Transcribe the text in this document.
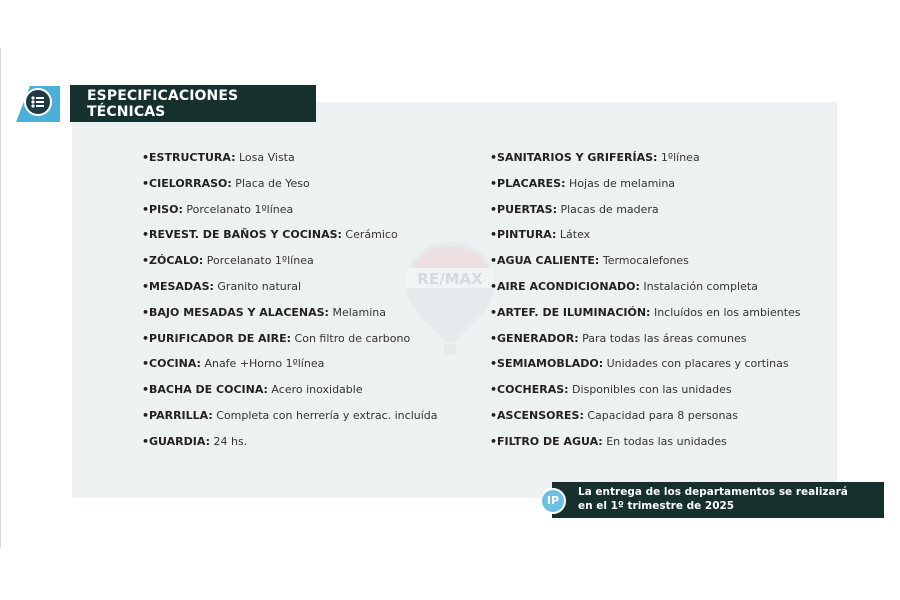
ESPECIFICACIONES TÉCNICAS
RE/MAX
•ESTRUCTURA: Losa Vista
•CIELORRASO: Placa de Yeso
•PISO: Porcelanato 1ºlínea
•REVEST. DE BAÑOS Y COCINAS: Cerámico
•ZÓCALO: Porcelanato 1ºlínea
•MESADAS: Granito natural
•BAJO MESADAS Y ALACENAS: Melamina
•PURIFICADOR DE AIRE: Con filtro de carbono
•COCINA: Anafe +Horno 1ºlínea
•BACHA DE COCINA: Acero inoxidable
•PARRILLA: Completa con herrería y extrac. incluída
•GUARDIA: 24 hs.
•SANITARIOS Y GRIFERÍAS: 1ºlínea
•PLACARES: Hojas de melamina
•PUERTAS: Placas de madera
•PINTURA: Látex
•AGUA CALIENTE: Termocalefones
•AIRE ACONDICIONADO: Instalación completa
•ARTEF. DE ILUMINACIÓN: Incluídos en los ambientes
•GENERADOR: Para todas las áreas comunes
•SEMIAMOBLADO: Unidades con placares y cortinas
•COCHERAS: Disponibles con las unidades
•ASCENSORES: Capacidad para 8 personas
•FILTRO DE AGUA: En todas las unidades
IP
La entrega de los departamentos se realizará
en el 1º trimestre de 2025
